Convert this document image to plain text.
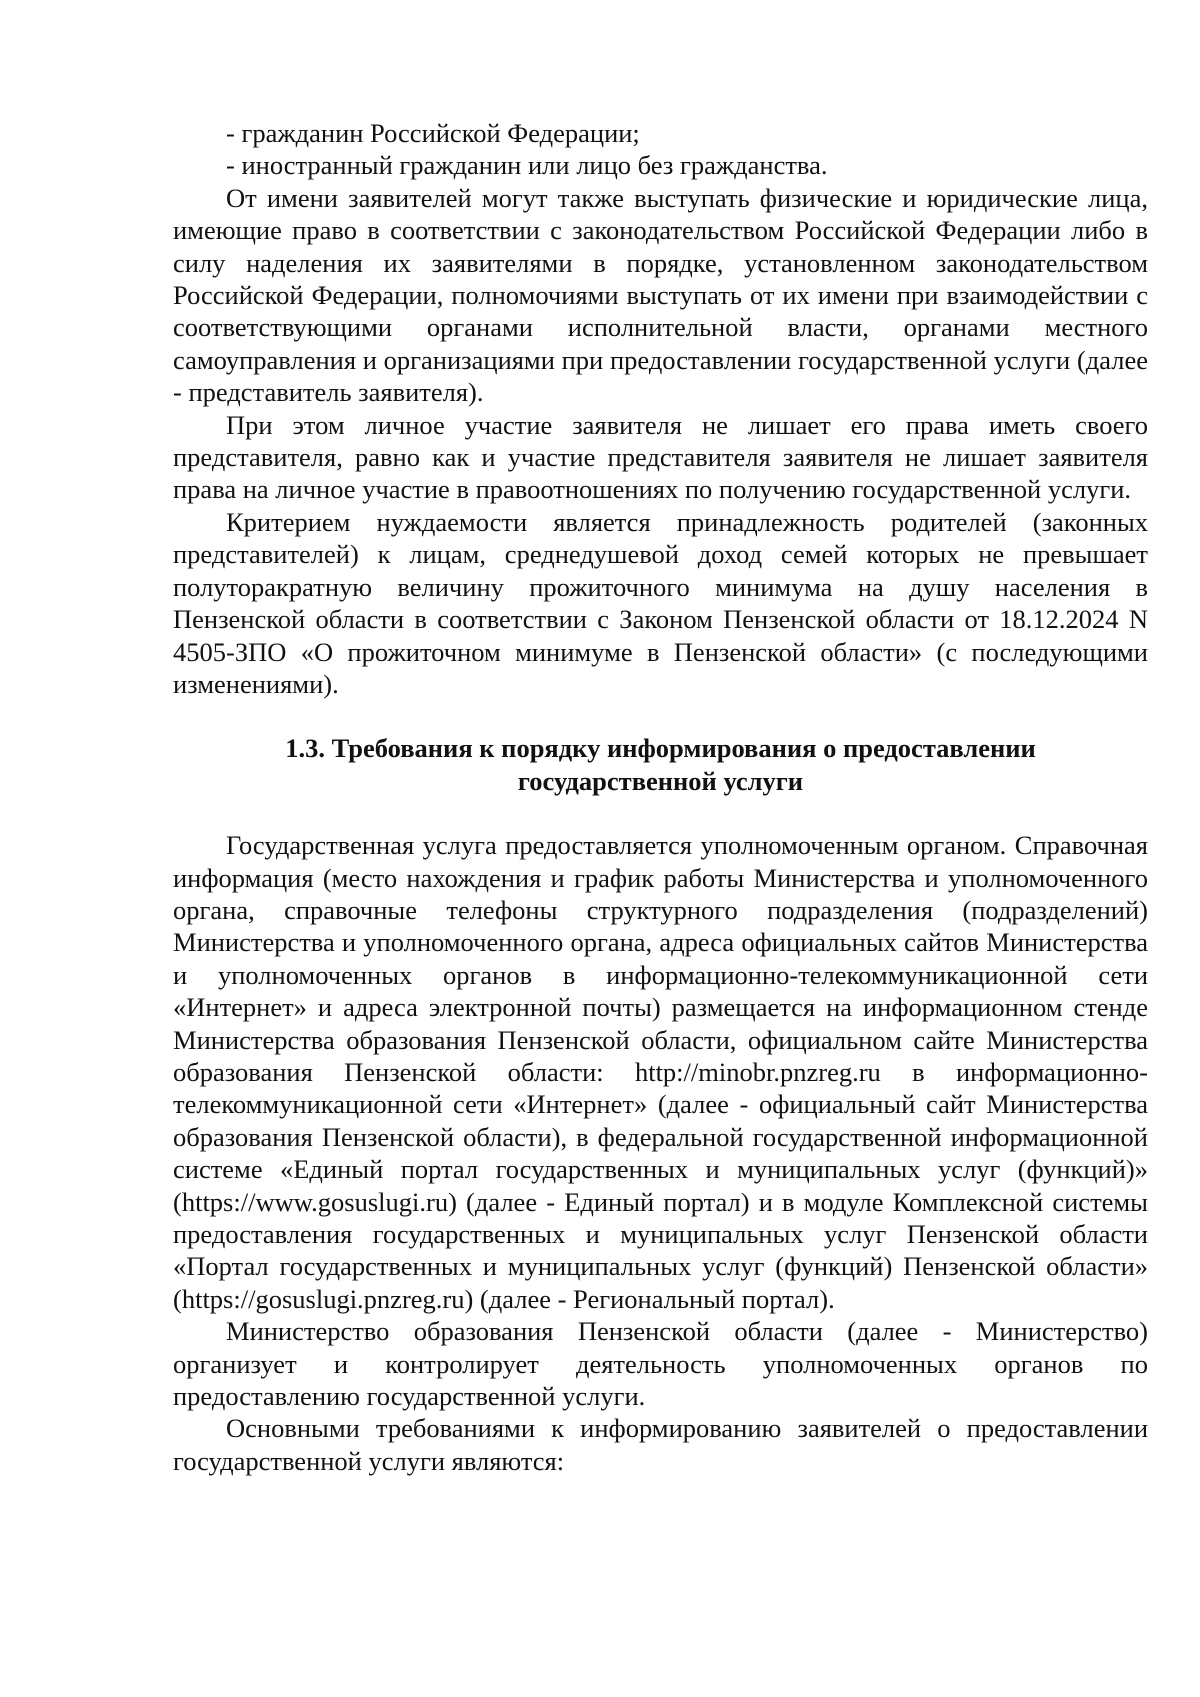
- гражданин Российской Федерации;

- иностранный гражданин или лицо без гражданства.

От имени заявителей могут также выступать физические и юридические лица, имеющие право в соответствии с законодательством Российской Федерации либо в силу наделения их заявителями в порядке, установленном законодательством Российской Федерации, полномочиями выступать от их имени при взаимодействии с соответствующими органами исполнительной власти, органами местного самоуправления и организациями при предоставлении государственной услуги (далее - представитель заявителя).

При этом личное участие заявителя не лишает его права иметь своего представителя, равно как и участие представителя заявителя не лишает заявителя права на личное участие в правоотношениях по получению государственной услуги.

Критерием нуждаемости является принадлежность родителей (законных представителей) к лицам, среднедушевой доход семей которых не превышает полуторакратную величину прожиточного минимума на душу населения в Пензенской области в соответствии с Законом Пензенской области от 18.12.2024 N 4505-ЗПО «О прожиточном минимуме в Пензенской области» (с последующими изменениями).

1.3. Требования к порядку информирования о предоставлении
государственной услуги

Государственная услуга предоставляется уполномоченным органом. Справочная информация (место нахождения и график работы Министерства и уполномоченного органа, справочные телефоны структурного подразделения (подразделений) Министерства и уполномоченного органа, адреса официальных сайтов Министерства и уполномоченных органов в информационно-телекоммуникационной сети «Интернет» и адреса электронной почты) размещается на информационном стенде Министерства образования Пензенской области, официальном сайте Министерства образования Пензенской области: http://minobr.pnzreg.ru в информационно-телекоммуникационной сети «Интернет» (далее - официальный сайт Министерства образования Пензенской области), в федеральной государственной информационной системе «Единый портал государственных и муниципальных услуг (функций)» (https://www.gosuslugi.ru) (далее - Единый портал) и в модуле Комплексной системы предоставления государственных и муниципальных услуг Пензенской области «Портал государственных и муниципальных услуг (функций) Пензенской области» (https://gosuslugi.pnzreg.ru) (далее - Региональный портал).

Министерство образования Пензенской области (далее - Министерство) организует и контролирует деятельность уполномоченных органов по предоставлению государственной услуги.

Основными требованиями к информированию заявителей о предоставлении государственной услуги являются:
